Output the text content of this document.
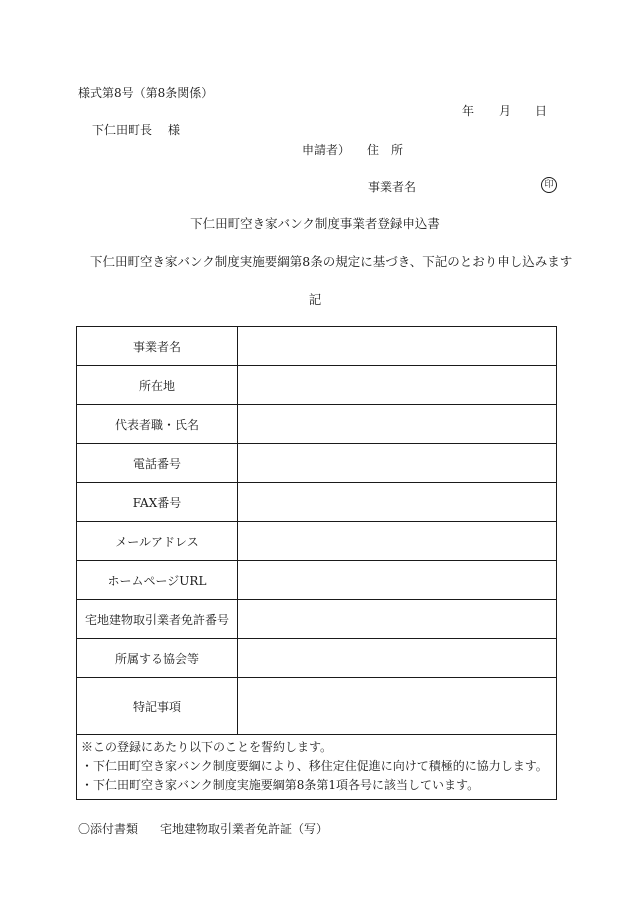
様式第8号（第8条関係）
年 月 日
下仁田町長 様
申請者） 住 所
事業者名	印
下仁田町空き家バンク制度事業者登録申込書
下仁田町空き家バンク制度実施要綱第8条の規定に基づき、下記のとおり申し込みます
記
事業者名	
所在地	
代表者職・氏名	
電話番号	
FAX番号	
メールアドレス	
ホームページURL	
宅地建物取引業者免許番号	
所属する協会等	
特記事項	

※この登録にあたり以下のことを誓約します。
・下仁田町空き家バンク制度要綱により、移住定住促進に向けて積極的に協力します。
・下仁田町空き家バンク制度実施要綱第8条第1項各号に該当しています。	
〇添付書類 宅地建物取引業者免許証（写）
